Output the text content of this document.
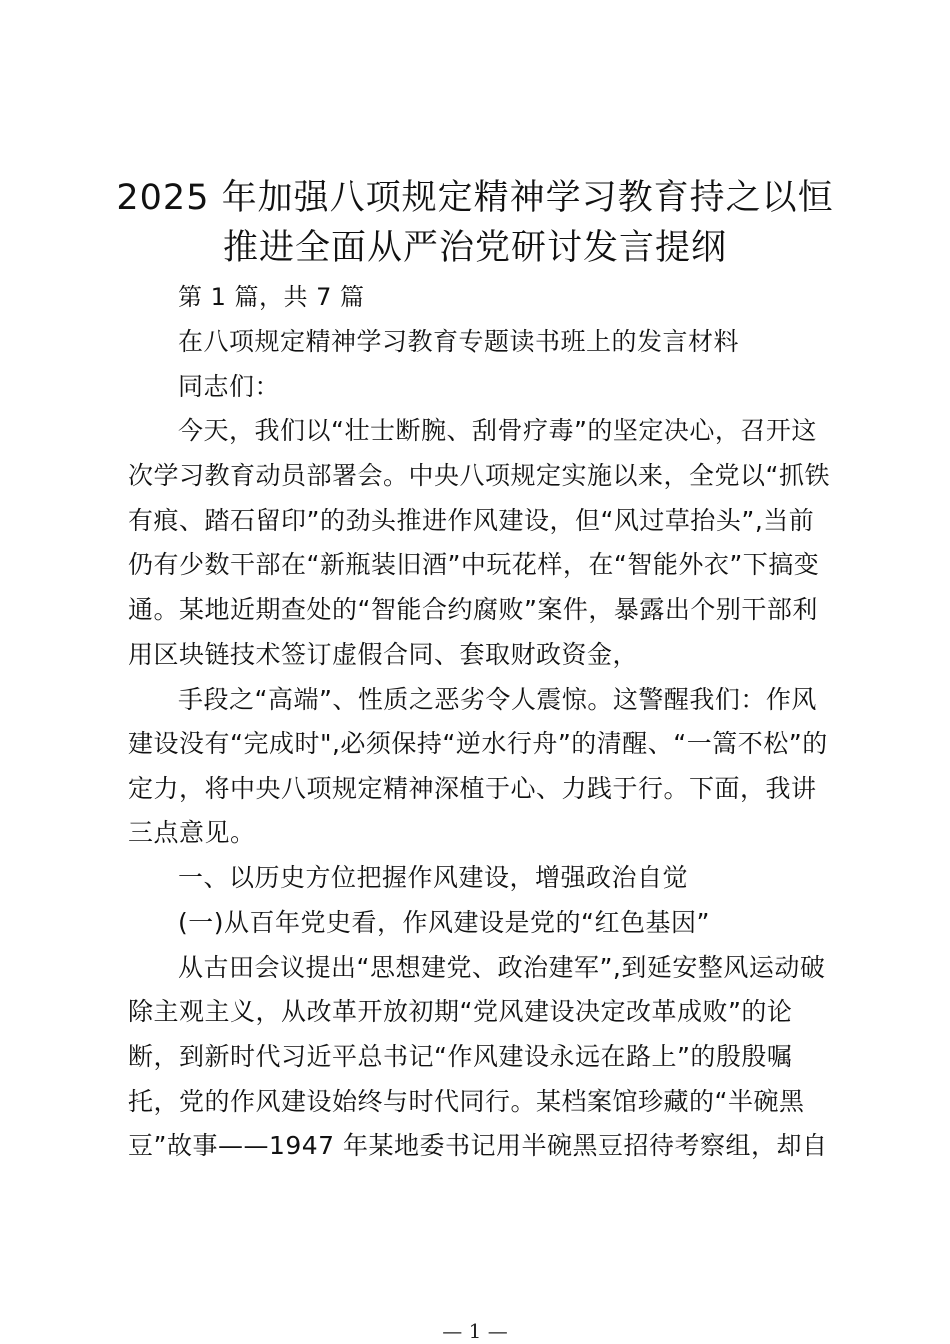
2025 年加强八项规定精神学习教育持之以恒
推进全面从严治党研讨发言提纲
第 1 篇，共 7 篇
在八项规定精神学习教育专题读书班上的发言材料
同志们：
今天，我们以“壮士断腕、刮骨疗毒”的坚定决心，召开这
次学习教育动员部署会。中央八项规定实施以来，全党以“抓铁
有痕、踏石留印”的劲头推进作风建设，但“风过草抬头”,当前
仍有少数干部在“新瓶装旧酒”中玩花样，在“智能外衣”下搞变
通。某地近期查处的“智能合约腐败”案件，暴露出个别干部利
用区块链技术签订虚假合同、套取财政资金，
手段之“高端”、性质之恶劣令人震惊。这警醒我们：作风
建设没有“完成时",必须保持“逆水行舟”的清醒、“一篙不松”的
定力，将中央八项规定精神深植于心、力践于行。下面，我讲
三点意见。
一、以历史方位把握作风建设，增强政治自觉
(一)从百年党史看，作风建设是党的“红色基因”
从古田会议提出“思想建党、政治建军”,到延安整风运动破
除主观主义，从改革开放初期“党风建设决定改革成败”的论
断，到新时代习近平总书记“作风建设永远在路上”的殷殷嘱
托，党的作风建设始终与时代同行。某档案馆珍藏的“半碗黑
豆”故事——1947 年某地委书记用半碗黑豆招待考察组，却自
— 1 —
